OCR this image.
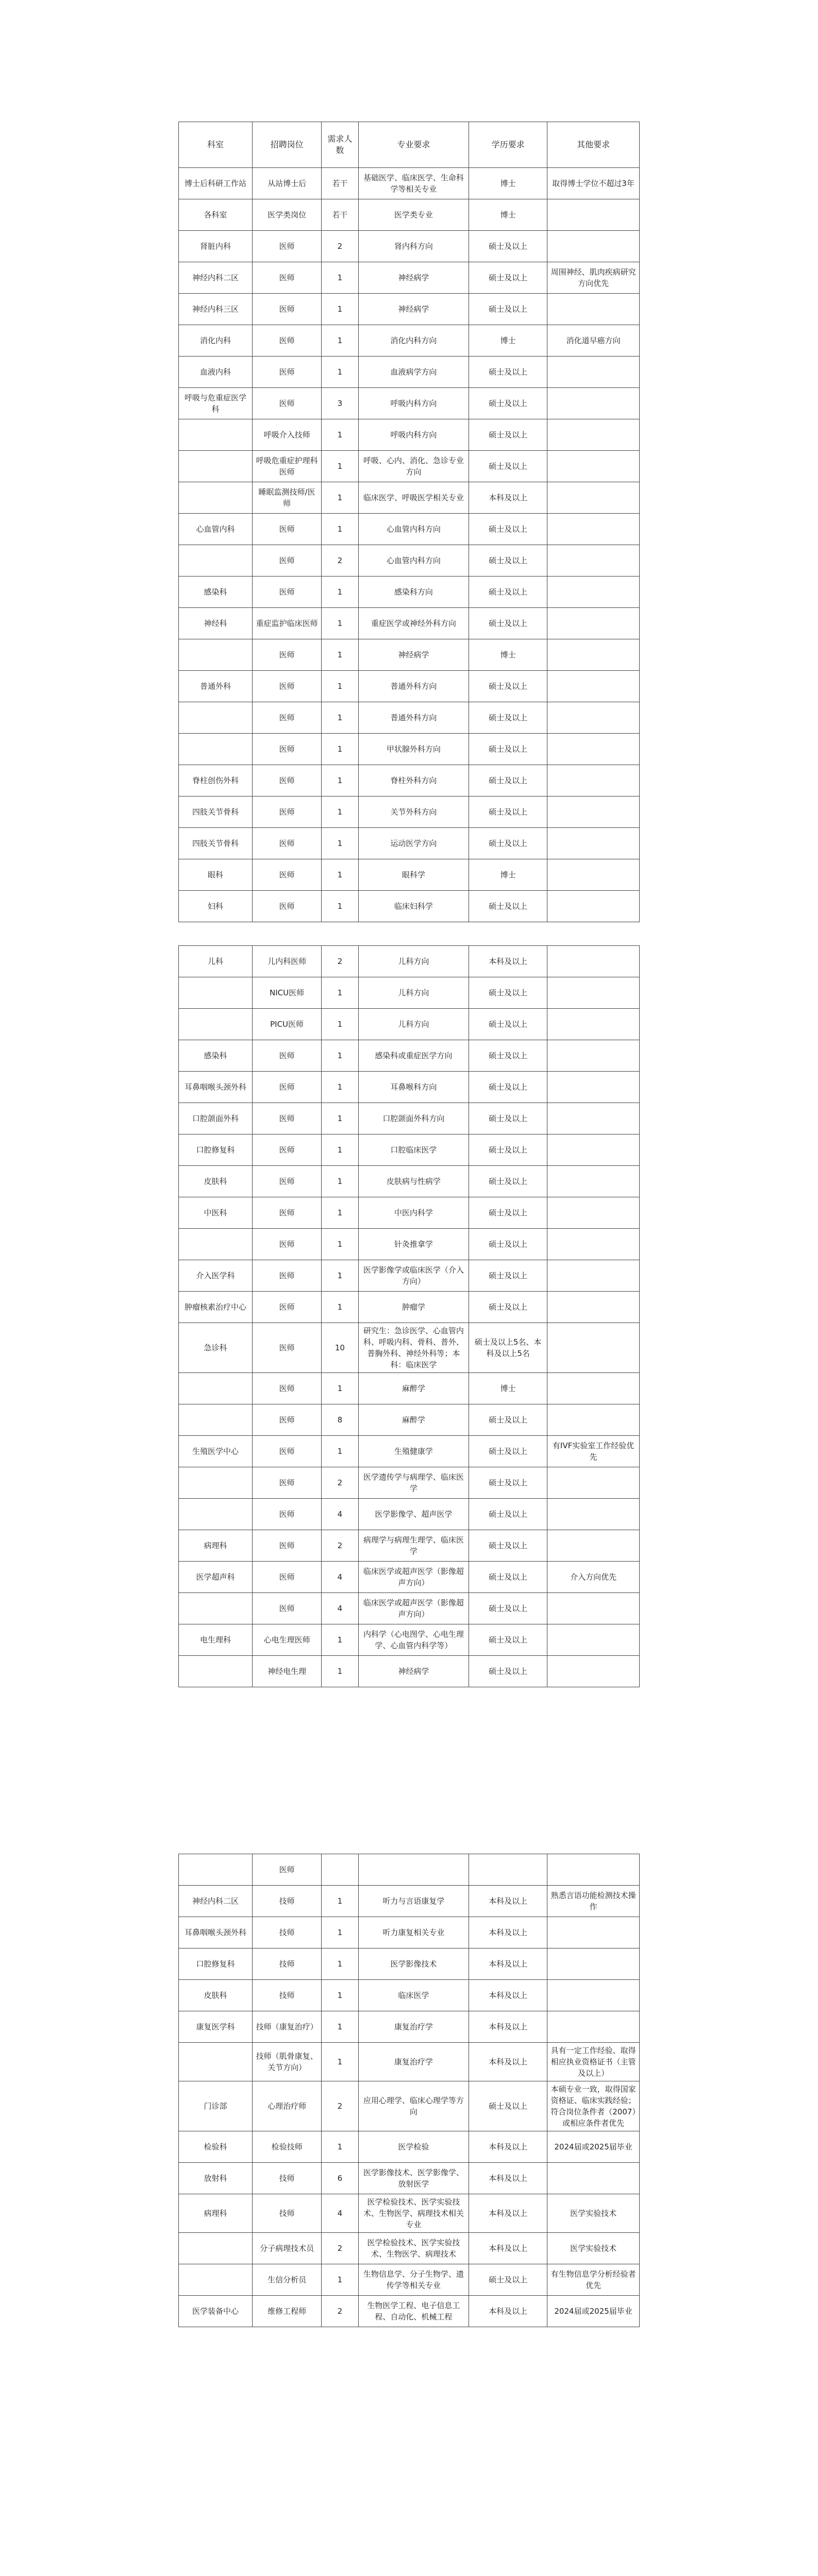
科室	招聘岗位	需求人数	专业要求	学历要求	其他要求
博士后科研工作站	从站博士后	若干	基础医学、临床医学、生命科学等相关专业	博士	取得博士学位不超过3年
各科室	医学类岗位	若干	医学类专业	博士	
肾脏内科	医师	2	肾内科方向	硕士及以上	
神经内科二区	医师	1	神经病学	硕士及以上	周围神经、肌肉疾病研究方向优先
神经内科三区	医师	1	神经病学	硕士及以上	
消化内科	医师	1	消化内科方向	博士	消化道早癌方向
血液内科	医师	1	血液病学方向	硕士及以上	
呼吸与危重症医学科	医师	3	呼吸内科方向	硕士及以上	
	呼吸介入技师	1	呼吸内科方向	硕士及以上	
	呼吸危重症护理科医师	1	呼吸、心内、消化、急诊专业方向	硕士及以上	
	睡眠监测技师/医师	1	临床医学、呼吸医学相关专业	本科及以上	
心血管内科	医师	1	心血管内科方向	硕士及以上	
	医师	2	心血管内科方向	硕士及以上	
感染科	医师	1	感染科方向	硕士及以上	
神经科	重症监护临床医师	1	重症医学或神经外科方向	硕士及以上	
	医师	1	神经病学	博士	
普通外科	医师	1	普通外科方向	硕士及以上	
	医师	1	普通外科方向	硕士及以上	
	医师	1	甲状腺外科方向	硕士及以上	
脊柱创伤外科	医师	1	脊柱外科方向	硕士及以上	
四肢关节骨科	医师	1	关节外科方向	硕士及以上	
四肢关节骨科	医师	1	运动医学方向	硕士及以上	
眼科	医师	1	眼科学	博士	
妇科	医师	1	临床妇科学	硕士及以上	
儿科	儿内科医师	2	儿科方向	本科及以上	
	NICU医师	1	儿科方向	硕士及以上	
	PICU医师	1	儿科方向	硕士及以上	
感染科	医师	1	感染科或重症医学方向	硕士及以上	
耳鼻咽喉头颈外科	医师	1	耳鼻喉科方向	硕士及以上	
口腔颌面外科	医师	1	口腔颌面外科方向	硕士及以上	
口腔修复科	医师	1	口腔临床医学	硕士及以上	
皮肤科	医师	1	皮肤病与性病学	硕士及以上	
中医科	医师	1	中医内科学	硕士及以上	
	医师	1	针灸推拿学	硕士及以上	
介入医学科	医师	1	医学影像学或临床医学（介入方向）	硕士及以上	
肿瘤核素治疗中心	医师	1	肿瘤学	硕士及以上	
急诊科	医师	10	研究生：急诊医学、心血管内科、呼吸内科、骨科、普外、普胸外科、神经外科等；本科：临床医学	硕士及以上5名、本科及以上5名	
	医师	1	麻醉学	博士	
	医师	8	麻醉学	硕士及以上	
生殖医学中心	医师	1	生殖健康学	硕士及以上	有IVF实验室工作经验优先
	医师	2	医学遗传学与病理学、临床医学	硕士及以上	
	医师	4	医学影像学、超声医学	硕士及以上	
病理科	医师	2	病理学与病理生理学、临床医学	硕士及以上	
医学超声科	医师	4	临床医学或超声医学（影像超声方向）	硕士及以上	介入方向优先
	医师	4	临床医学或超声医学（影像超声方向）	硕士及以上	
电生理科	心电生理医师	1	内科学（心电图学、心电生理学、心血管内科学等）	硕士及以上	
	神经电生理	1	神经病学	硕士及以上	
	医师				
神经内科二区	技师	1	听力与言语康复学	本科及以上	熟悉言语功能检测技术操作
耳鼻咽喉头颈外科	技师	1	听力康复相关专业	本科及以上	
口腔修复科	技师	1	医学影像技术	本科及以上	
皮肤科	技师	1	临床医学	本科及以上	
康复医学科	技师（康复治疗）	1	康复治疗学	本科及以上	
	技师（肌骨康复、关节方向）	1	康复治疗学	本科及以上	具有一定工作经验、取得相应执业资格证书（主管及以上）
门诊部	心理治疗师	2	应用心理学、临床心理学等方向	硕士及以上	本硕专业一致，取得国家资格证、临床实践经验；符合岗位条件者（2007）或相应条件者优先
检验科	检验技师	1	医学检验	本科及以上	2024届或2025届毕业
放射科	技师	6	医学影像技术、医学影像学、放射医学	本科及以上	
病理科	技师	4	医学检验技术、医学实验技术、生物医学、病理技术相关专业	本科及以上	医学实验技术
	分子病理技术员	2	医学检验技术、医学实验技术、生物医学、病理技术	本科及以上	医学实验技术
	生信分析员	1	生物信息学、分子生物学、遗传学等相关专业	硕士及以上	有生物信息学分析经验者优先
医学装备中心	维修工程师	2	生物医学工程、电子信息工程、自动化、机械工程	本科及以上	2024届或2025届毕业
